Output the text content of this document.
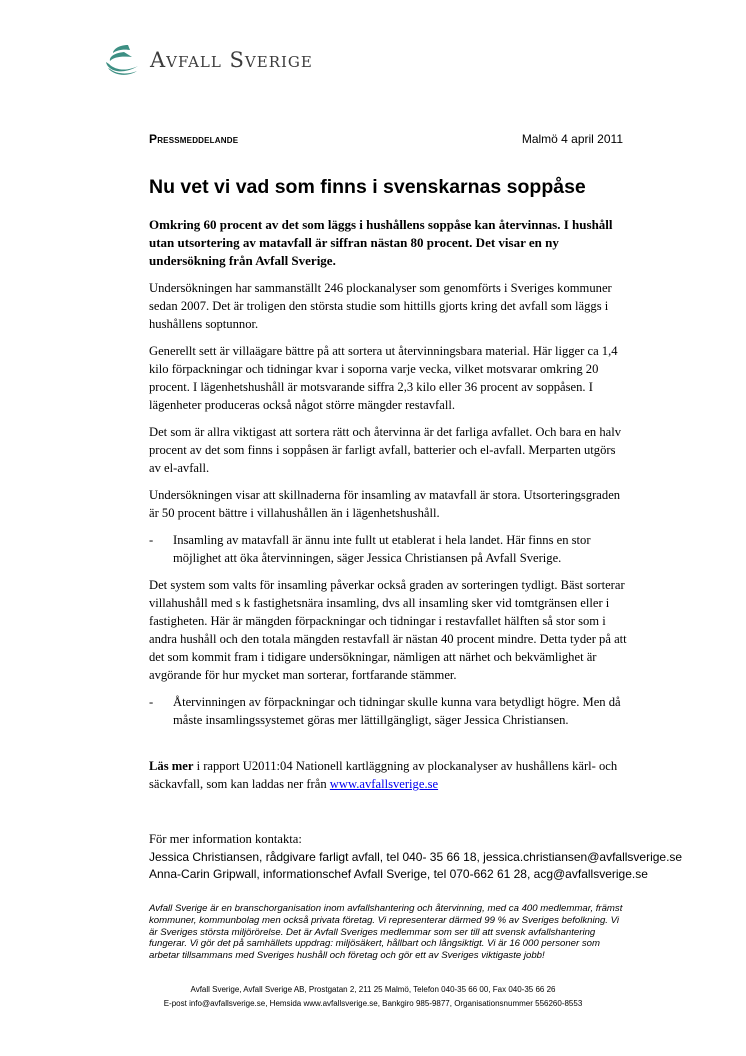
Avfall Sverige
Pressmeddelande	Malmö 4 april 2011
Nu vet vi vad som finns i svenskarnas soppåse

Omkring 60 procent av det som läggs i hushållens soppåse kan återvinnas. I hushåll utan utsortering av matavfall är siffran nästan 80 procent. Det visar en ny undersökning från Avfall Sverige.

Undersökningen har sammanställt 246 plockanalyser som genomförts i Sveriges kommuner sedan 2007. Det är troligen den största studie som hittills gjorts kring det avfall som läggs i hushållens soptunnor.

Generellt sett är villaägare bättre på att sortera ut återvinningsbara material. Här ligger ca 1,4 kilo förpackningar och tidningar kvar i soporna varje vecka, vilket motsvarar omkring 20 procent. I lägenhetshushåll är motsvarande siffra 2,3 kilo eller 36 procent av soppåsen. I lägenheter produceras också något större mängder restavfall.

Det som är allra viktigast att sortera rätt och återvinna är det farliga avfallet. Och bara en halv procent av det som finns i soppåsen är farligt avfall, batterier och el-avfall. Merparten utgörs av el-avfall.

Undersökningen visar att skillnaderna för insamling av matavfall är stora. Utsorteringsgraden är 50 procent bättre i villahushållen än i lägenhetshushåll.

-	Insamling av matavfall är ännu inte fullt ut etablerat i hela landet. Här finns en stor möjlighet att öka återvinningen, säger Jessica Christiansen på Avfall Sverige.

Det system som valts för insamling påverkar också graden av sorteringen tydligt. Bäst sorterar villahushåll med s k fastighetsnära insamling, dvs all insamling sker vid tomtgränsen eller i fastigheten. Här är mängden förpackningar och tidningar i restavfallet hälften så stor som i andra hushåll och den totala mängden restavfall är nästan 40 procent mindre. Detta tyder på att det som kommit fram i tidigare undersökningar, nämligen att närhet och bekvämlighet är avgörande för hur mycket man sorterar, fortfarande stämmer.

-	Återvinningen av förpackningar och tidningar skulle kunna vara betydligt högre. Men då måste insamlingssystemet göras mer lättillgängligt, säger Jessica Christiansen.

Läs mer i rapport U2011:04 Nationell kartläggning av plockanalyser av hushållens kärl- och säckavfall, som kan laddas ner från www.avfallsverige.se

För mer information kontakta:
Jessica Christiansen, rådgivare farligt avfall, tel 040- 35 66 18, jessica.christiansen@avfallsverige.se
Anna-Carin Gripwall, informationschef Avfall Sverige, tel 070-662 61 28, acg@avfallsverige.se
Avfall Sverige är en branschorganisation inom avfallshantering och återvinning, med ca 400 medlemmar, främst kommuner, kommunbolag men också privata företag. Vi representerar därmed 99 % av Sveriges befolkning. Vi är Sveriges största miljörörelse. Det är Avfall Sveriges medlemmar som ser till att svensk avfallshantering fungerar. Vi gör det på samhällets uppdrag: miljösäkert, hållbart och långsiktigt. Vi är 16 000 personer som arbetar tillsammans med Sveriges hushåll och företag och gör ett av Sveriges viktigaste jobb!
Avfall Sverige, Avfall Sverige AB, Prostgatan 2, 211 25 Malmö, Telefon 040-35 66 00, Fax 040-35 66 26
E-post info@avfallsverige.se, Hemsida www.avfallsverige.se, Bankgiro 985-9877, Organisationsnummer 556260-8553
